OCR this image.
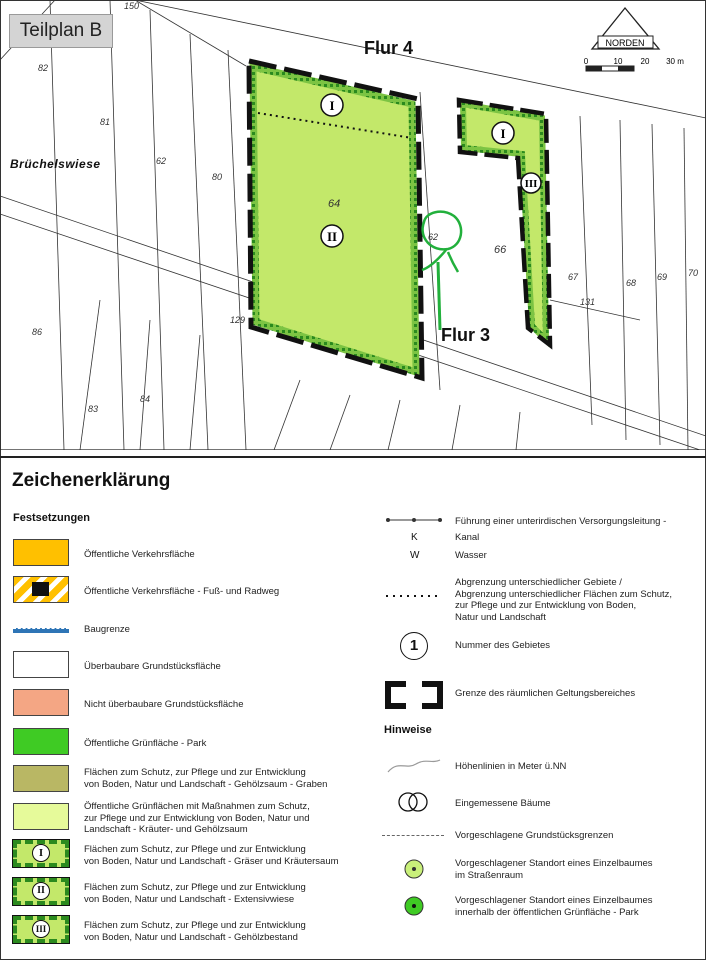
I
II
I
III
NORDEN
0	10 20 30 m
Teilplan B
Flur 4
Flur 3
Brüchelswiese
64
66
82
81
62
80
86
83
84
129
62
67
68
69 70
131
150
Zeichenerklärung
Festsetzungen
Hinweise
Öffentliche Verkehrsfläche
Öffentliche Verkehrsfläche - Fuß- und Radweg
Baugrenze
Überbaubare Grundstücksfläche
Nicht überbaubare Grundstücksfläche
Öffentliche Grünfläche - Park
Flächen zum Schutz, zur Pflege und zur Entwicklung
von Boden, Natur und Landschaft - Gehölzsaum - Graben
Öffentliche Grünflächen mit Maßnahmen zum Schutz,
zur Pflege und zur Entwicklung von Boden, Natur und
Landschaft - Kräuter- und Gehölzsaum
I	Flächen zum Schutz, zur Pflege und zur Entwicklung
von Boden, Natur und Landschaft - Gräser und Kräutersaum
II	Flächen zum Schutz, zur Pflege und zur Entwicklung
von Boden, Natur und Landschaft - Extensivwiese
III	Flächen zum Schutz, zur Pflege und zur Entwicklung
von Boden, Natur und Landschaft - Gehölzbestand
Führung einer unterirdischen Versorgungsleitung -
K	Kanal
W	Wasser
Abgrenzung unterschiedlicher Gebiete /
Abgrenzung unterschiedlicher Flächen zum Schutz,
zur Pflege und zur Entwicklung von Boden,
Natur und Landschaft
1	Nummer des Gebietes
Grenze des räumlichen Geltungsbereiches
Höhenlinien in Meter ü.NN
Eingemessene Bäume
Vorgeschlagene Grundstücksgrenzen
Vorgeschlagener Standort eines Einzelbaumes
im Straßenraum
Vorgeschlagener Standort eines Einzelbaumes
innerhalb der öffentlichen Grünfläche - Park
